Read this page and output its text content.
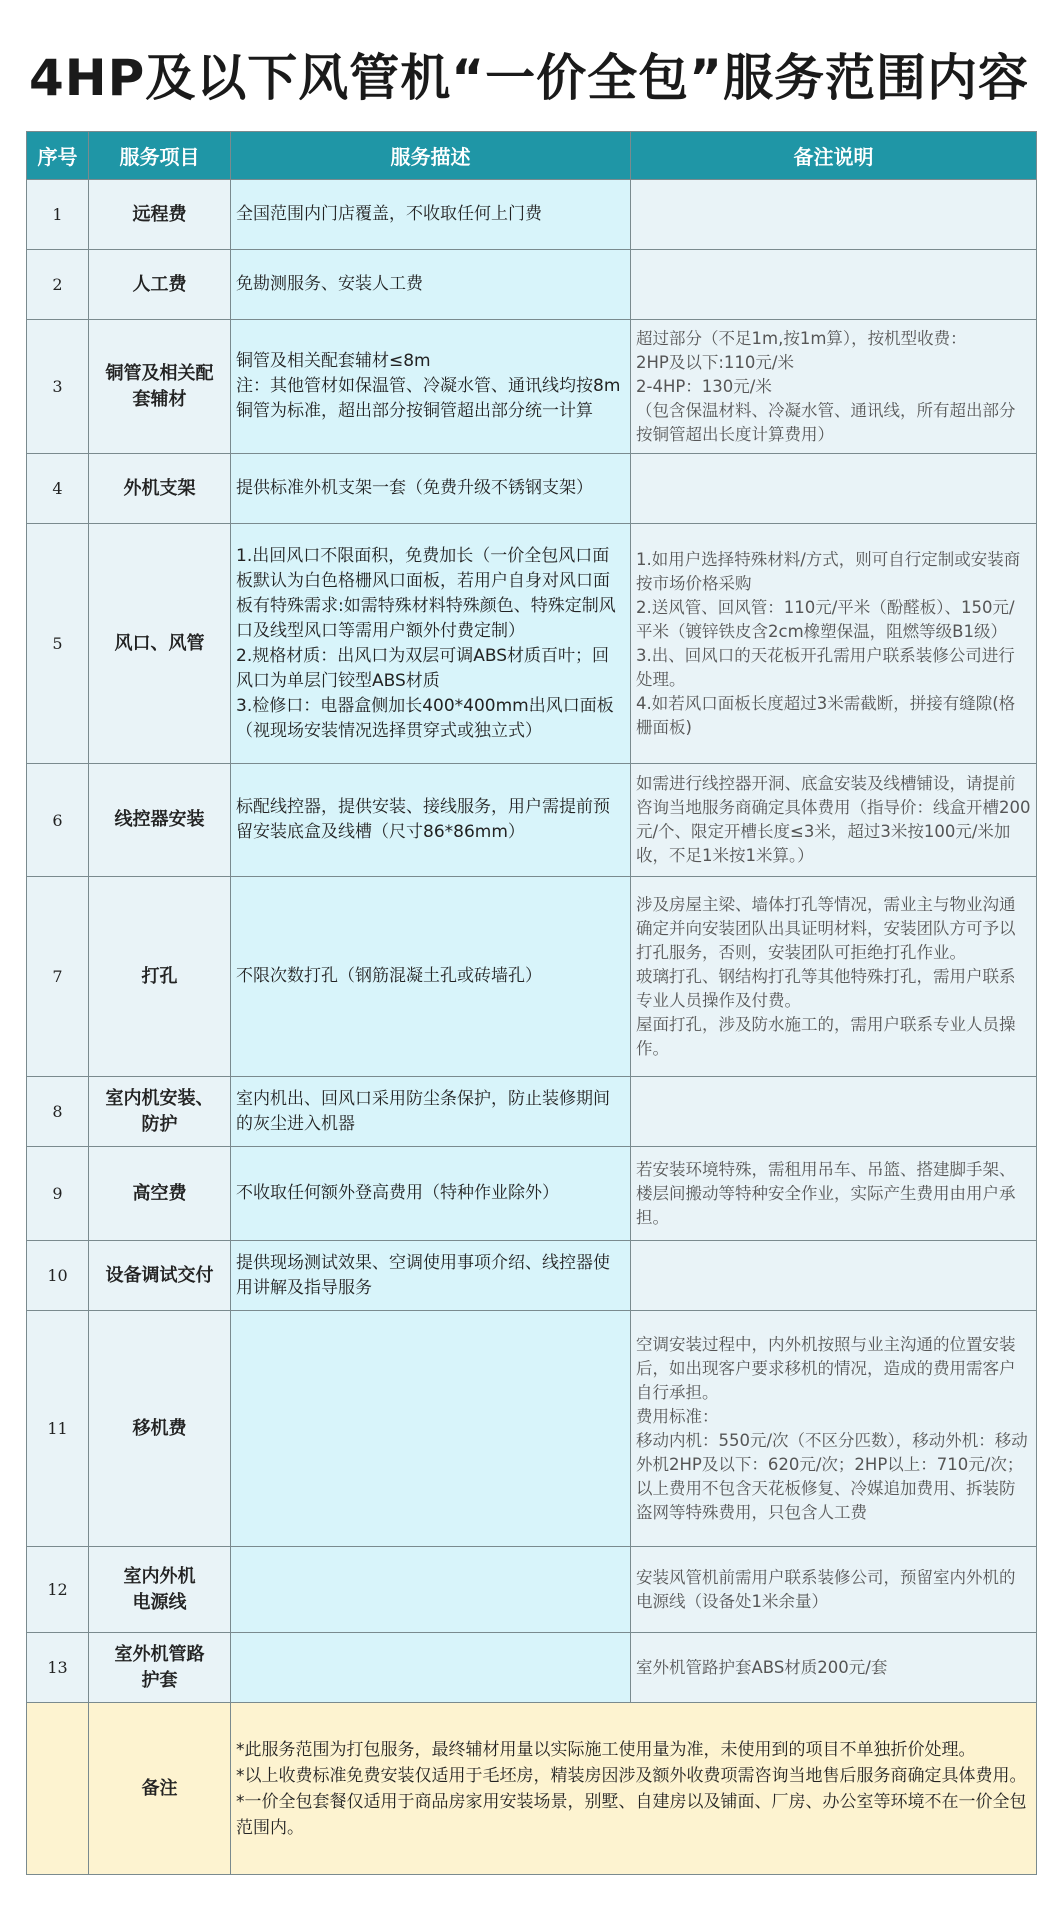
4HP及以下风管机“一价全包”服务范围内容
序号	服务项目	服务描述	备注说明
1	远程费	全国范围内门店覆盖，不收取任何上门费	

2	人工费	免勘测服务、安装人工费	

3	铜管及相关配
套辅材	铜管及相关配套辅材≤8m
注：其他管材如保温管、冷凝水管、通讯线均按8m铜管为标准，超出部分按铜管超出部分统一计算	超过部分（不足1m,按1m算），按机型收费：
2HP及以下:110元/米
2-4HP：130元/米
（包含保温材料、冷凝水管、通讯线，所有超出部分按铜管超出长度计算费用）

4	外机支架	提供标准外机支架一套（免费升级不锈钢支架）	

5	风口、风管	1.出回风口不限面积，免费加长（一价全包风口面板默认为白色格栅风口面板，若用户自身对风口面板有特殊需求:如需特殊材料特殊颜色、特殊定制风口及线型风口等需用户额外付费定制）
2.规格材质：出风口为双层可调ABS材质百叶；回风口为单层门铰型ABS材质
3.检修口：电器盒侧加长400*400mm出风口面板（视现场安装情况选择贯穿式或独立式）	1.如用户选择特殊材料/方式，则可自行定制或安装商按市场价格采购
2.送风管、回风管：110元/平米（酚醛板）、150元/平米（镀锌铁皮含2cm橡塑保温，阻燃等级B1级）
3.出、回风口的天花板开孔需用户联系装修公司进行处理。
4.如若风口面板长度超过3米需截断，拼接有缝隙(格栅面板)

6	线控器安装	标配线控器，提供安装、接线服务，用户需提前预留安装底盒及线槽（尺寸86*86mm）	如需进行线控器开洞、底盒安装及线槽铺设，请提前咨询当地服务商确定具体费用（指导价：线盒开槽200元/个、限定开槽长度≤3米，超过3米按100元/米加收，不足1米按1米算。）

7	打孔	不限次数打孔（钢筋混凝土孔或砖墙孔）	涉及房屋主梁、墙体打孔等情况，需业主与物业沟通确定并向安装团队出具证明材料，安装团队方可予以打孔服务，否则，安装团队可拒绝打孔作业。
玻璃打孔、钢结构打孔等其他特殊打孔，需用户联系专业人员操作及付费。
屋面打孔，涉及防水施工的，需用户联系专业人员操作。

8	室内机安装、
防护	室内机出、回风口采用防尘条保护，防止装修期间的灰尘进入机器	

9	高空费	不收取任何额外登高费用（特种作业除外）	若安装环境特殊，需租用吊车、吊篮、搭建脚手架、楼层间搬动等特种安全作业，实际产生费用由用户承担。

10	设备调试交付	提供现场测试效果、空调使用事项介绍、线控器使用讲解及指导服务	

11	移机费		空调安装过程中，内外机按照与业主沟通的位置安装后，如出现客户要求移机的情况，造成的费用需客户自行承担。
费用标准：
移动内机：550元/次（不区分匹数），移动外机：移动外机2HP及以下：620元/次；2HP以上：710元/次；
以上费用不包含天花板修复、冷媒追加费用、拆装防盗网等特殊费用，只包含人工费

12	室内外机
电源线		安装风管机前需用户联系装修公司，预留室内外机的电源线（设备处1米余量）

13	室外机管路
护套		室外机管路护套ABS材质200元/套

	备注	*此服务范围为打包服务，最终辅材用量以实际施工使用量为准，未使用到的项目不单独折价处理。
*以上收费标准免费安装仅适用于毛坯房，精装房因涉及额外收费项需咨询当地售后服务商确定具体费用。
*一价全包套餐仅适用于商品房家用安装场景，别墅、自建房以及铺面、厂房、办公室等环境不在一价全包范围内。	
